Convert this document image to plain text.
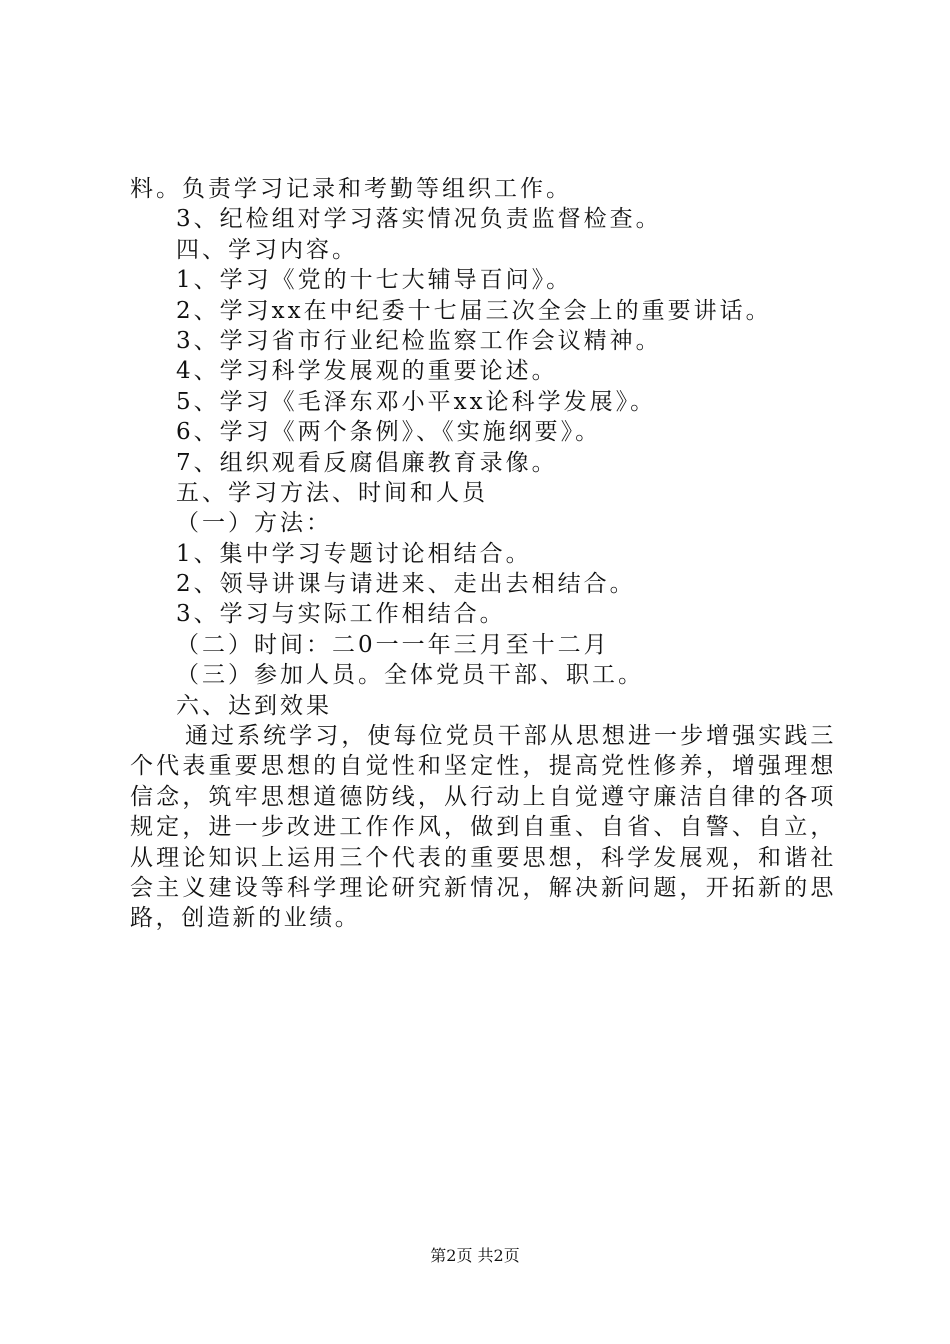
料。负责学习记录和考勤等组织工作。
3、纪检组对学习落实情况负责监督检查。
四、学习内容。
1、学习《党的十七大辅导百问》。
2、学习xx在中纪委十七届三次全会上的重要讲话。
3、学习省市行业纪检监察工作会议精神。
4、学习科学发展观的重要论述。
5、学习《毛泽东邓小平xx论科学发展》。
6、学习《两个条例》、《实施纲要》。
7、组织观看反腐倡廉教育录像。
五、学习方法、时间和人员
（一）方法：
1、集中学习专题讨论相结合。
2、领导讲课与请进来、走出去相结合。
3、学习与实际工作相结合。
（二）时间：二0一一年三月至十二月
（三）参加人员。全体党员干部、职工。
六、达到效果

通过系统学习，使每位党员干部从思想进一步增强实践三个代表重要思想的自觉性和坚定性，提高党性修养，增强理想信念，筑牢思想道德防线，从行动上自觉遵守廉洁自律的各项规定，进一步改进工作作风，做到自重、自省、自警、自立，从理论知识上运用三个代表的重要思想，科学发展观，和谐社会主义建设等科学理论研究新情况，解决新问题，开拓新的思路，创造新的业绩。

第2页 共2页
